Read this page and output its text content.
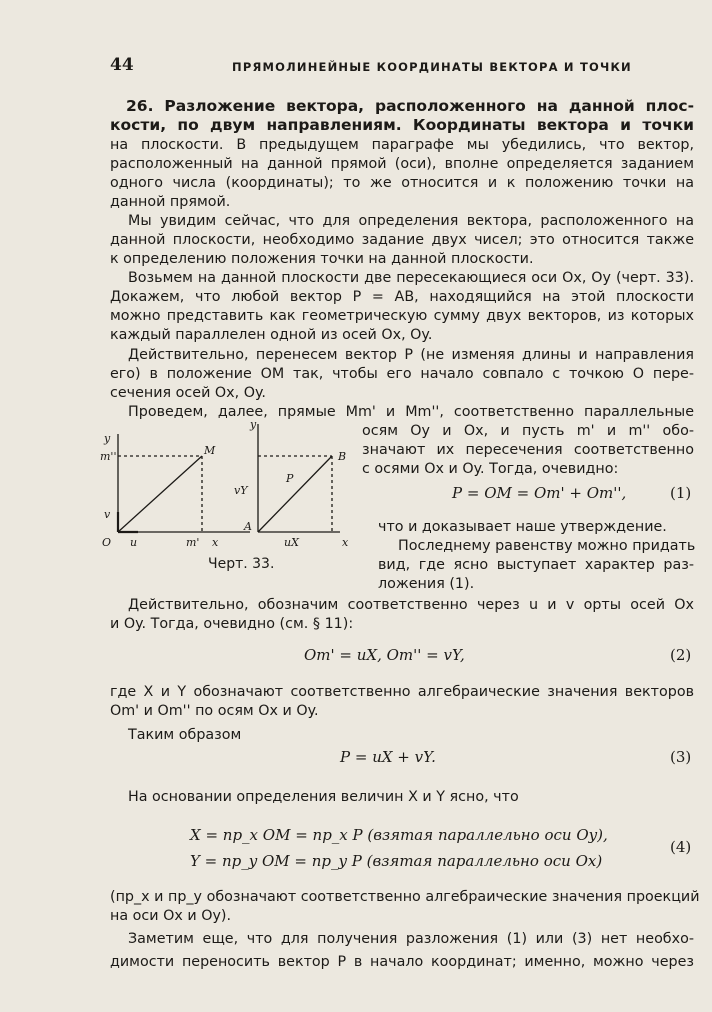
44	ПРЯМОЛИНЕЙНЫЕ КООРДИНАТЫ ВЕКТОРА И ТОЧКИ
26. Разложение вектора, расположенного на данной плос-
кости, по двум направлениям. Координаты вектора и точки
на плоскости. В предыдущем параграфе мы убедились, что вектор,
расположенный на данной прямой (оси), вполне определяется заданием
одного числа (координаты); то же относится и к положению точки на
данной прямой.
Мы увидим сейчас, что для определения вектора, расположенного на
данной плоскости, необходимо задание двух чисел; это относится также
к определению положения точки на данной плоскости.
Возьмем на данной плоскости две пересекающиеся оси Ox, Oy (черт. 33).
Докажем, что любой вектор P = AB, находящийся на этой плоскости
можно представить как геометрическую сумму двух векторов, из которых
каждый параллелен одной из осей Ox, Oy.
Действительно, перенесем вектор P (не изменяя длины и направления
его) в положение OM так, чтобы его начало совпало с точкою O пере-
сечения осей Ox, Oy.
Проведем, далее, прямые Mm' и Mm'', соответственно параллельные
осям Oy и Ox, и пусть m' и m'' обо-
значают их пересечения соответственно
с осями Ox и Oy. Тогда, очевидно:
P = OM = Om' + Om'',	(1)
что и доказывает наше утверждение.
Последнему равенству можно придать
вид, где ясно выступает характер раз-
ложения (1).
y
m''	M
v
O u	m' x
y
vY
P
B
A
uX	x
Черт. 33.
Действительно, обозначим соответственно через u и v орты осей Ox
и Oy. Тогда, очевидно (см. § 11):
Om' = uX, Om'' = vY,	(2)
где X и Y обозначают соответственно алгебраические значения векторов
Om' и Om'' по осям Ox и Oy.
Таким образом
P = uX + vY.	(3)
На основании определения величин X и Y ясно, что
X = пр_x OM = пр_x P (взятая параллельно оси Oy),
Y = пр_y OM = пр_y P (взятая параллельно оси Ox)
(4)
(пр_x и пр_y обозначают соответственно алгебраические значения проекций
на оси Ox и Oy).
Заметим еще, что для получения разложения (1) или (3) нет необхо-
димости переносить вектор P в начало координат; именно, можно через
